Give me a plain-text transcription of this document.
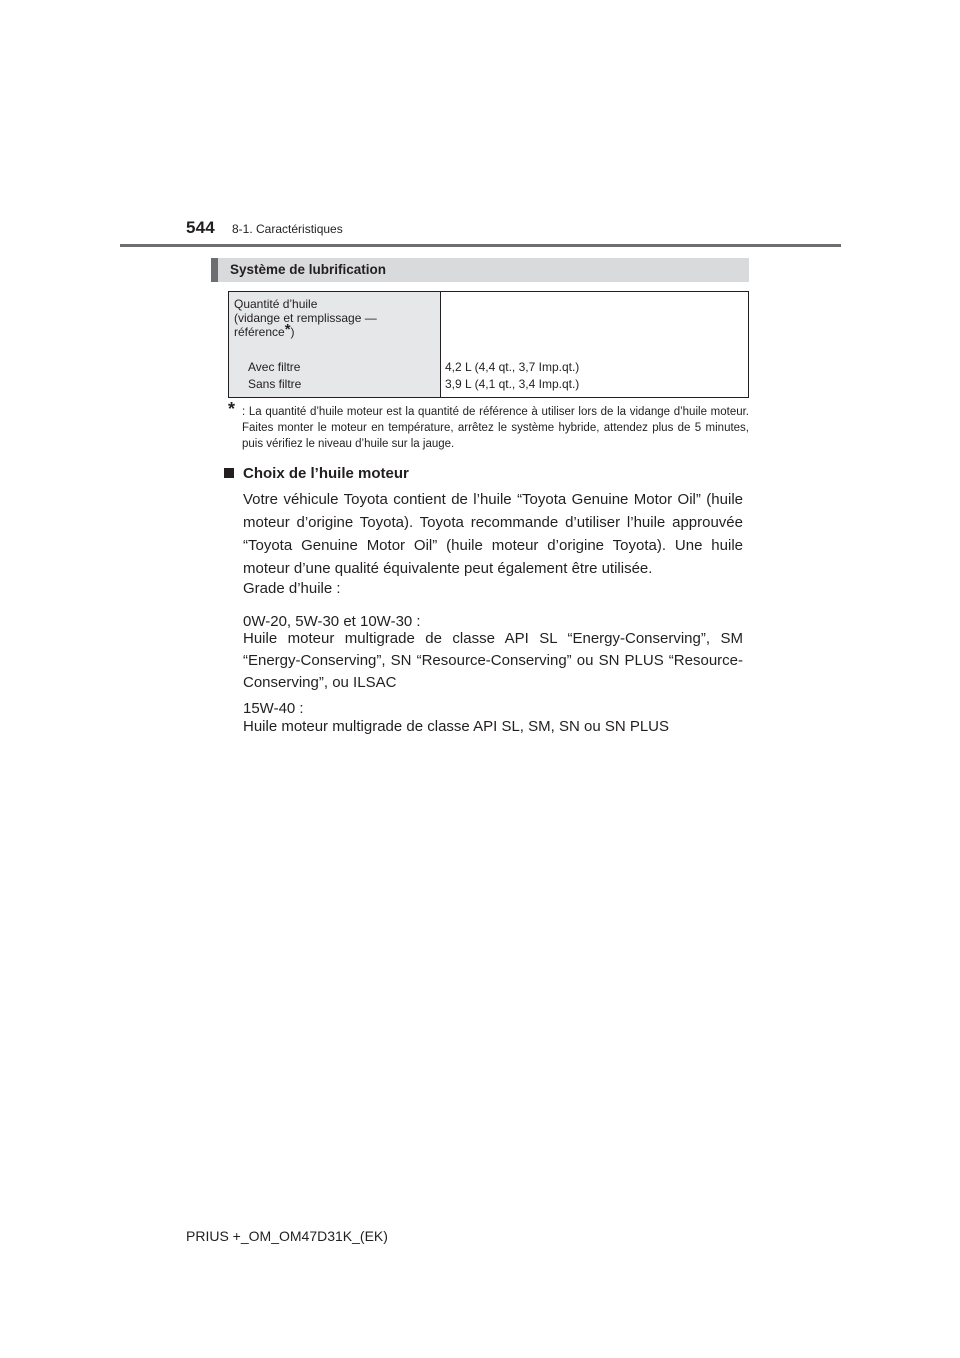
544 8-1. Caractéristiques
Système de lubrification
Quantité d’huile
(vidange et remplissage —
référence*)
Avec filtre
Sans filtre
4,2 L (4,4 qt., 3,7 Imp.qt.)
3,9 L (4,1 qt., 3,4 Imp.qt.)
* : La quantité d’huile moteur est la quantité de référence à utiliser lors de la vidange d’huile moteur. Faites monter le moteur en température, arrêtez le système hybride, attendez plus de 5 minutes, puis vérifiez le niveau d’huile sur la jauge.
Choix de l’huile moteur
Votre véhicule Toyota contient de l’huile “Toyota Genuine Motor Oil” (huile moteur d’origine Toyota). Toyota recommande d’utiliser l’huile approuvée “Toyota Genuine Motor Oil” (huile moteur d’origine Toyota). Une huile moteur d’une qualité équivalente peut également être utilisée.
Grade d’huile :
0W-20, 5W-30 et 10W-30 :
Huile moteur multigrade de classe API SL “Energy-Conserving”, SM “Energy-Conserving”, SN “Resource-Conserving” ou SN PLUS “Resource-Conserving”, ou ILSAC
15W-40 :
Huile moteur multigrade de classe API SL, SM, SN ou SN PLUS
PRIUS +_OM_OM47D31K_(EK)
